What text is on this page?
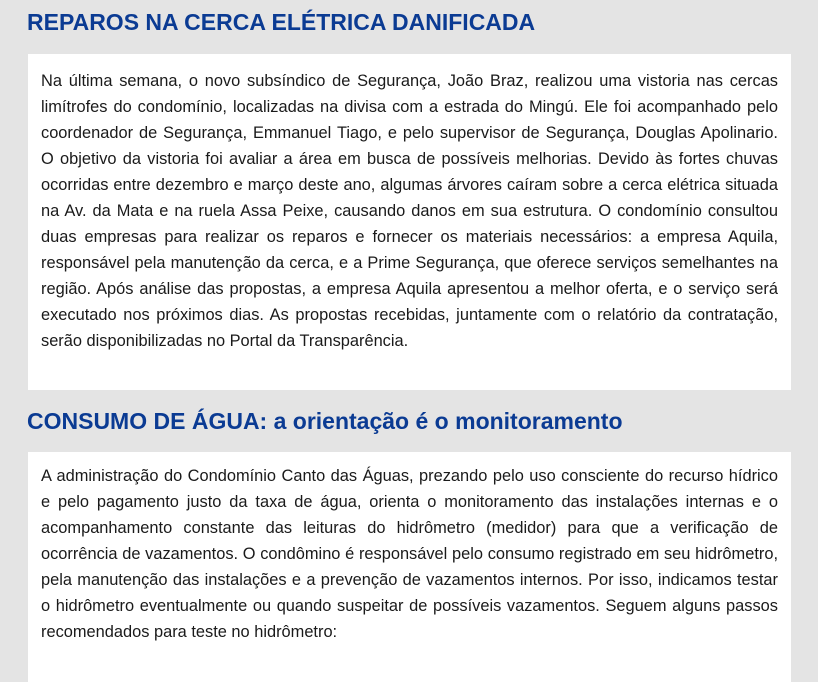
REPAROS NA CERCA ELÉTRICA DANIFICADA

Na última semana, o novo subsíndico de Segurança, João Braz, realizou uma vistoria nas cercas limítrofes do condomínio, localizadas na divisa com a estrada do Mingú. Ele foi acompanhado pelo coordenador de Segurança, Emmanuel Tiago, e pelo supervisor de Segurança, Douglas Apolinario. O objetivo da vistoria foi avaliar a área em busca de possíveis melhorias. Devido às fortes chuvas ocorridas entre dezembro e março deste ano, algumas árvores caíram sobre a cerca elétrica situada na Av. da Mata e na ruela Assa Peixe, causando danos em sua estrutura. O condomínio consultou duas empresas para realizar os reparos e fornecer os materiais necessários: a empresa Aquila, responsável pela manutenção da cerca, e a Prime Segurança, que oferece serviços semelhantes na região. Após análise das propostas, a empresa Aquila apresentou a melhor oferta, e o serviço será executado nos próximos dias. As propostas recebidas, juntamente com o relatório da contratação, serão disponibilizadas no Portal da Transparência.

CONSUMO DE ÁGUA: a orientação é o monitoramento

A administração do Condomínio Canto das Águas, prezando pelo uso consciente do recurso hídrico e pelo pagamento justo da taxa de água, orienta o monitoramento das instalações internas e o acompanhamento constante das leituras do hidrômetro (medidor) para que a verificação de ocorrência de vazamentos. O condômino é responsável pelo consumo registrado em seu hidrômetro, pela manutenção das instalações e a prevenção de vazamentos internos. Por isso, indicamos testar o hidrômetro eventualmente ou quando suspeitar de possíveis vazamentos. Seguem alguns passos recomendados para teste no hidrômetro:
